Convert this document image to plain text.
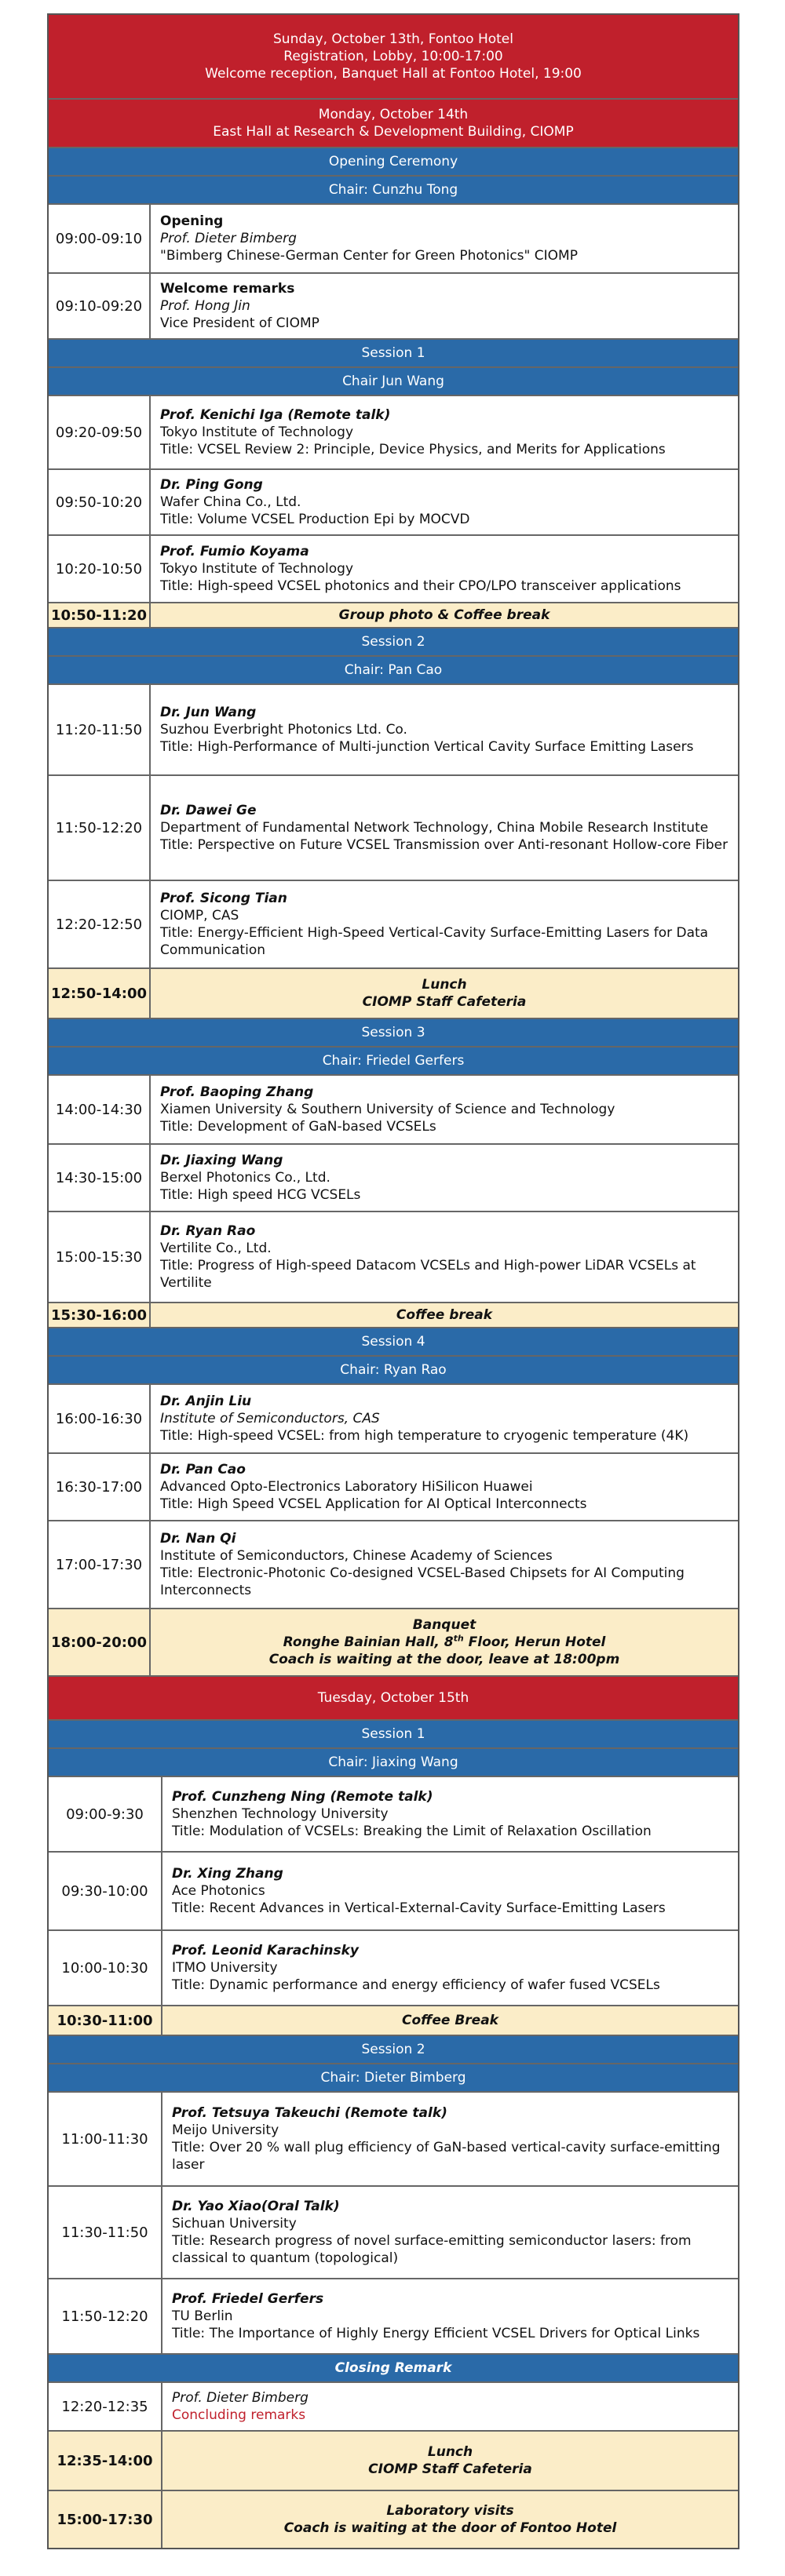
Sunday, October 13th, Fontoo Hotel
Registration, Lobby, 10:00-17:00
Welcome reception, Banquet Hall at Fontoo Hotel, 19:00
Monday, October 14th
East Hall at Research & Development Building, CIOMP
Opening Ceremony
Chair: Cunzhu Tong
09:00-09:10
Opening
Prof. Dieter Bimberg
"Bimberg Chinese-German Center for Green Photonics" CIOMP
09:10-09:20
Welcome remarks
Prof. Hong Jin
Vice President of CIOMP
Session 1
Chair Jun Wang
09:20-09:50
Prof. Kenichi Iga (Remote talk)
Tokyo Institute of Technology
Title: VCSEL Review 2: Principle, Device Physics, and Merits for Applications
09:50-10:20
Dr. Ping Gong
Wafer China Co., Ltd.
Title: Volume VCSEL Production Epi by MOCVD
10:20-10:50
Prof. Fumio Koyama
Tokyo Institute of Technology
Title: High-speed VCSEL photonics and their CPO/LPO transceiver applications
10:50-11:20	Group photo & Coffee break
Session 2
Chair: Pan Cao
11:20-11:50
Dr. Jun Wang
Suzhou Everbright Photonics Ltd. Co.
Title: High-Performance of Multi-junction Vertical Cavity Surface Emitting Lasers
11:50-12:20
Dr. Dawei Ge
Department of Fundamental Network Technology, China Mobile Research Institute
Title: Perspective on Future VCSEL Transmission over Anti-resonant Hollow-core Fiber
12:20-12:50
Prof. Sicong Tian
CIOMP, CAS
Title: Energy-Efficient High-Speed Vertical-Cavity Surface-Emitting Lasers for Data Communication
12:50-14:00
Lunch
CIOMP Staff Cafeteria
Session 3
Chair: Friedel Gerfers
14:00-14:30
Prof. Baoping Zhang
Xiamen University & Southern University of Science and Technology
Title: Development of GaN-based VCSELs
14:30-15:00
Dr. Jiaxing Wang
Berxel Photonics Co., Ltd.
Title: High speed HCG VCSELs
15:00-15:30
Dr. Ryan Rao
Vertilite Co., Ltd.
Title: Progress of High-speed Datacom VCSELs and High-power LiDAR VCSELs at Vertilite
15:30-16:00	Coffee break
Session 4
Chair: Ryan Rao
16:00-16:30
Dr. Anjin Liu
Institute of Semiconductors, CAS
Title: High-speed VCSEL: from high temperature to cryogenic temperature (4K)
16:30-17:00
Dr. Pan Cao
Advanced Opto-Electronics Laboratory HiSilicon Huawei
Title: High Speed VCSEL Application for AI Optical Interconnects
17:00-17:30
Dr. Nan Qi
Institute of Semiconductors, Chinese Academy of Sciences
Title: Electronic-Photonic Co-designed VCSEL-Based Chipsets for AI Computing Interconnects
18:00-20:00
Banquet
Ronghe Bainian Hall, 8th Floor, Herun Hotel
Coach is waiting at the door, leave at 18:00pm
Tuesday, October 15th
Session 1
Chair: Jiaxing Wang
09:00-9:30
Prof. Cunzheng Ning (Remote talk)
Shenzhen Technology University
Title: Modulation of VCSELs: Breaking the Limit of Relaxation Oscillation
09:30-10:00
Dr. Xing Zhang
Ace Photonics
Title: Recent Advances in Vertical-External-Cavity Surface-Emitting Lasers
10:00-10:30
Prof. Leonid Karachinsky
ITMO University
Title: Dynamic performance and energy efficiency of wafer fused VCSELs
10:30-11:00	Coffee Break
Session 2
Chair: Dieter Bimberg
11:00-11:30
Prof. Tetsuya Takeuchi (Remote talk)
Meijo University
Title: Over 20 % wall plug efficiency of GaN-based vertical-cavity surface-emitting laser
11:30-11:50
Dr. Yao Xiao(Oral Talk)
Sichuan University
Title: Research progress of novel surface-emitting semiconductor lasers: from classical to quantum (topological)
11:50-12:20
Prof. Friedel Gerfers
TU Berlin
Title: The Importance of Highly Energy Efficient VCSEL Drivers for Optical Links
Closing Remark
12:20-12:35
Prof. Dieter Bimberg
Concluding remarks
12:35-14:00
Lunch
CIOMP Staff Cafeteria
15:00-17:30
Laboratory visits
Coach is waiting at the door of Fontoo Hotel
